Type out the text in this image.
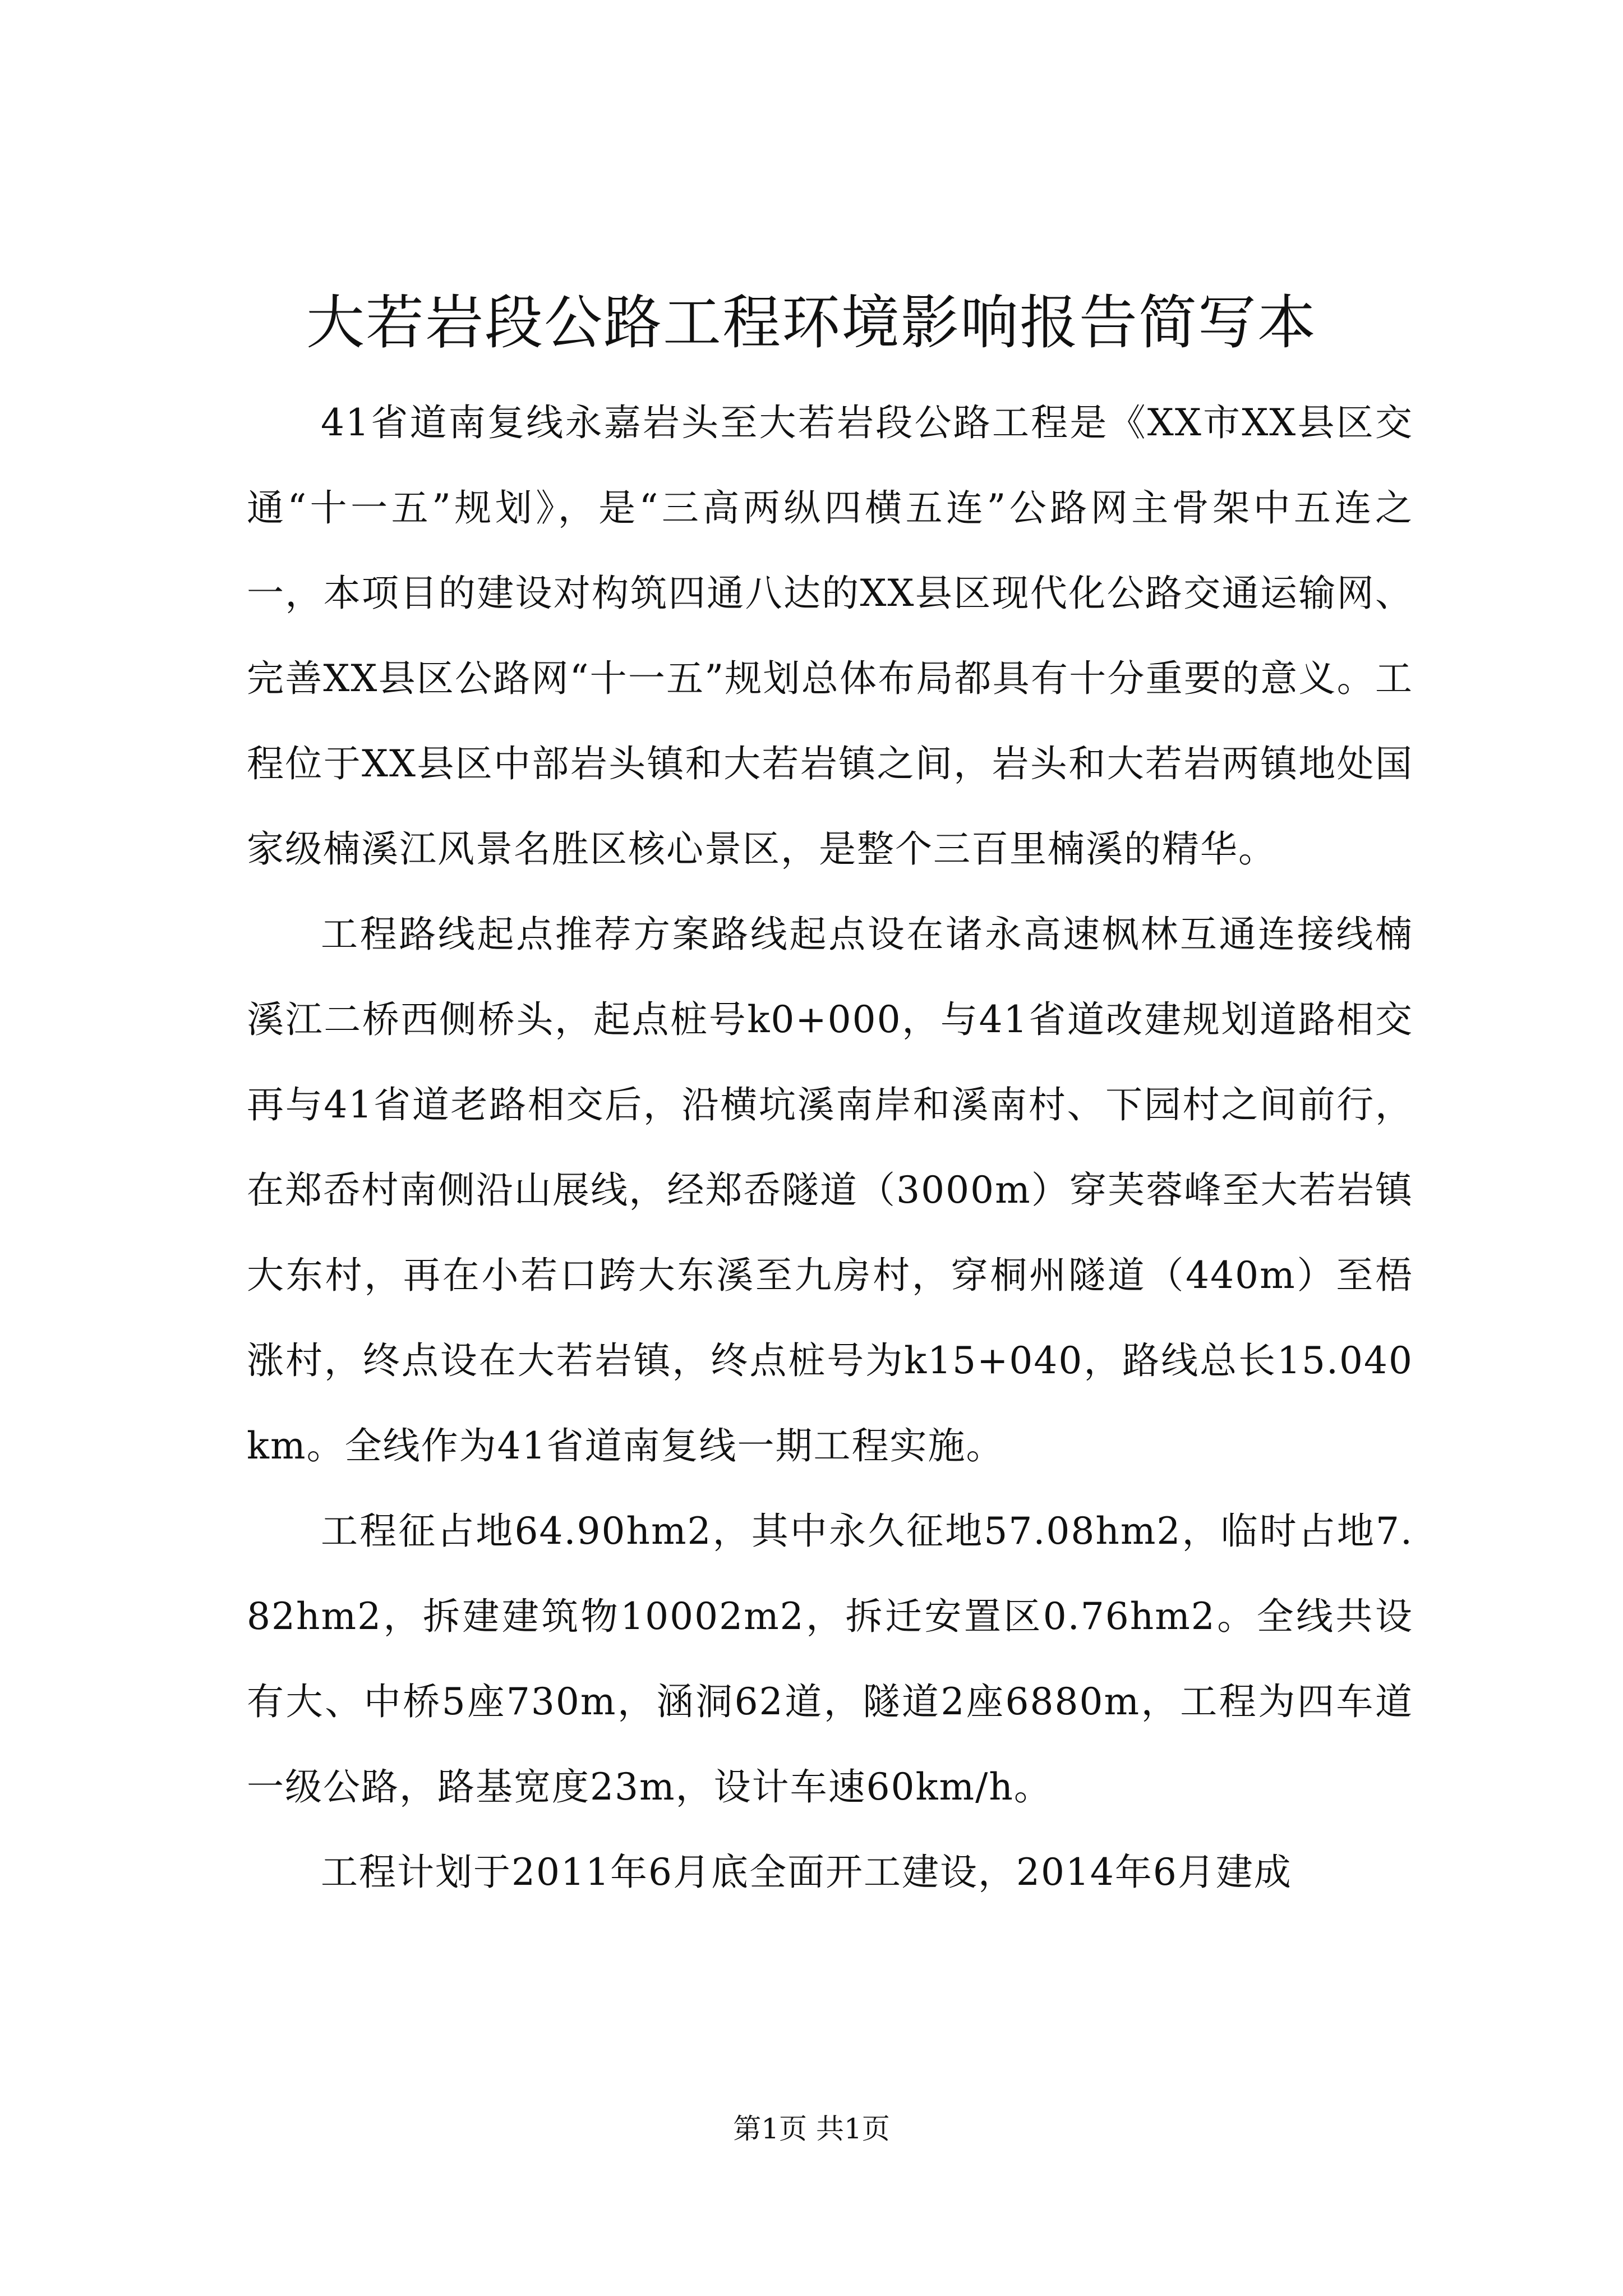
大若岩段公路工程环境影响报告简写本

41省道南复线永嘉岩头至大若岩段公路工程是《XX市XX县区交通“十一五”规划》，是“三高两纵四横五连”公路网主骨架中五连之一，本项目的建设对构筑四通八达的XX县区现代化公路交通运输网、完善XX县区公路网“十一五”规划总体布局都具有十分重要的意义。工程位于XX县区中部岩头镇和大若岩镇之间，岩头和大若岩两镇地处国家级楠溪江风景名胜区核心景区，是整个三百里楠溪的精华。

工程路线起点推荐方案路线起点设在诸永高速枫林互通连接线楠溪江二桥西侧桥头，起点桩号k0+000，与41省道改建规划道路相交再与41省道老路相交后，沿横坑溪南岸和溪南村、下园村之间前行，在郑岙村南侧沿山展线，经郑岙隧道（3000m）穿芙蓉峰至大若岩镇大东村，再在小若口跨大东溪至九房村，穿桐州隧道（440m）至梧涨村，终点设在大若岩镇，终点桩号为k15+040，路线总长15.040km。全线作为41省道南复线一期工程实施。

工程征占地64.90hm2，其中永久征地57.08hm2，临时占地7.82hm2，拆建建筑物10002m2，拆迁安置区0.76hm2。全线共设有大、中桥5座730m，涵洞62道，隧道2座6880m，工程为四车道一级公路，路基宽度23m，设计车速60km/h。

工程计划于2011年6月底全面开工建设，2014年6月建成

第1页 共1页
